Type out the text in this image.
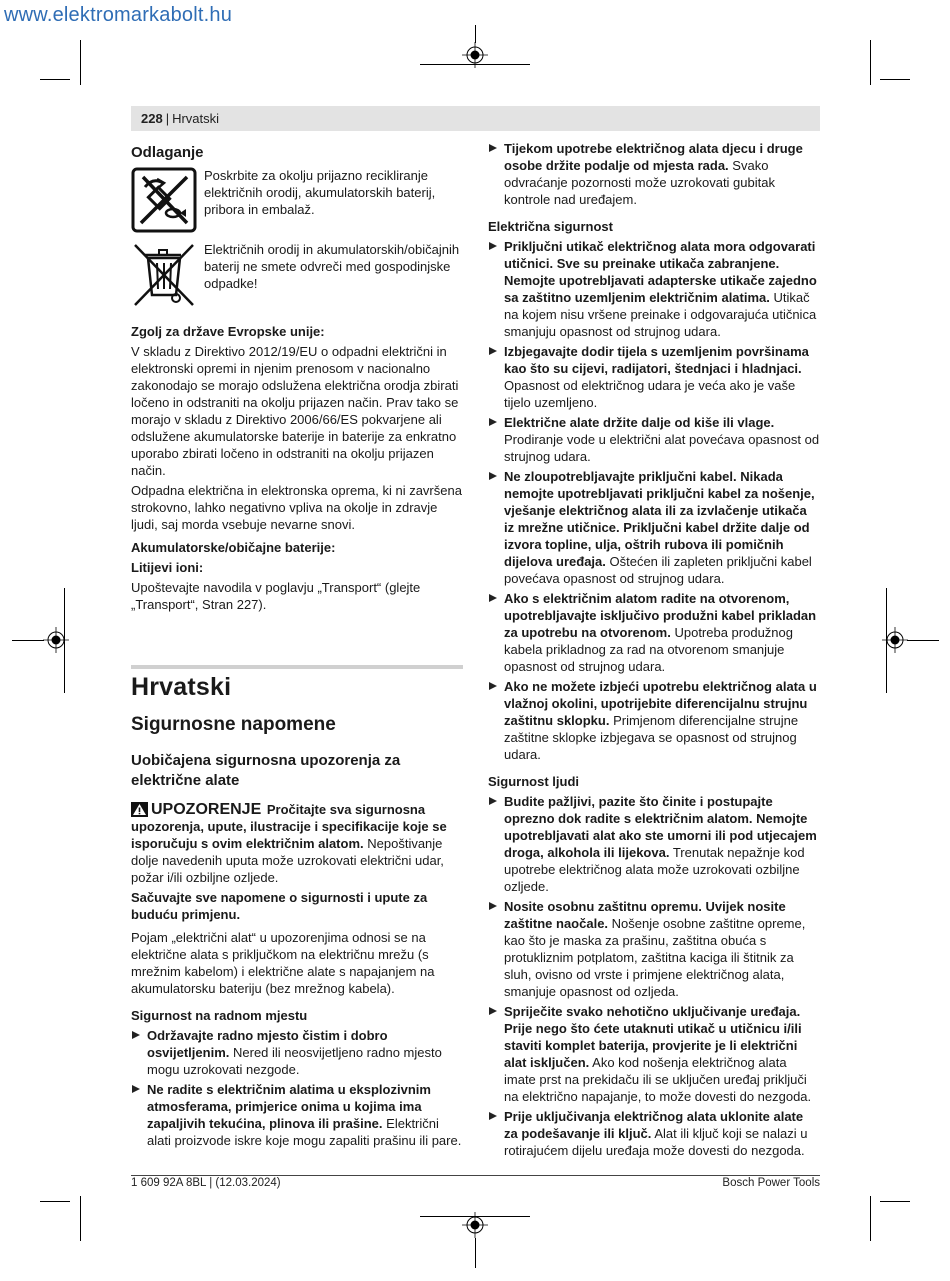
www.elektromarkabolt.hu
228 | Hrvatski
Odlaganje
Poskrbite za okolju prijazno recikliranje električnih orodij, akumulatorskih baterij, pribora in embalaž.
Električnih orodij in akumulatorskih/običajnih baterij ne smete odvreči med gospodinjske odpadke!
Zgolj za države Evropske unije:

V skladu z Direktivo 2012/19/EU o odpadni električni in elektronski opremi in njenim prenosom v nacionalno zakonodajo se morajo odslužena električna orodja zbirati ločeno in odstraniti na okolju prijazen način. Prav tako se morajo v skladu z Direktivo 2006/66/ES pokvarjene ali odslužene akumulatorske baterije in baterije za enkratno uporabo zbirati ločeno in odstraniti na okolju prijazen način.

Odpadna električna in elektronska oprema, ki ni završena strokovno, lahko negativno vpliva na okolje in zdravje ljudi, saj morda vsebuje nevarne snovi.

Akumulatorske/običajne baterije:
Litijevi ioni:

Upoštevajte navodila v poglavju „Transport“ (glejte „Transport“, Stran 227).

Hrvatski
Sigurnosne napomene
Uobičajena sigurnosna upozorenja za električne alate

UPOZORENJE Pročitajte sva sigurnosna upozorenja, upute, ilustracije i specifikacije koje se isporučuju s ovim električnim alatom. Nepoštivanje dolje navedenih uputa može uzrokovati električni udar, požar i/ili ozbiljne ozljede.

Sačuvajte sve napomene o sigurnosti i upute za buduću primjenu.

Pojam „električni alat“ u upozorenjima odnosi se na električne alata s priključkom na električnu mrežu (s mrežnim kabelom) i električne alate s napajanjem na akumulatorsku bateriju (bez mrežnog kabela).

Sigurnost na radnom mjestu
Održavajte radno mjesto čistim i dobro osvijetljenim. Nered ili neosvijetljeno radno mjesto mogu uzrokovati nezgode.
Ne radite s električnim alatima u eksplozivnim atmosferama, primjerice onima u kojima ima zapaljivih tekućina, plinova ili prašine. Električni alati proizvode iskre koje mogu zapaliti prašinu ili pare.
Tijekom upotrebe električnog alata djecu i druge osobe držite podalje od mjesta rada. Svako odvraćanje pozornosti može uzrokovati gubitak kontrole nad uređajem.
Električna sigurnost
Priključni utikač električnog alata mora odgovarati utičnici. Sve su preinake utikača zabranjene. Nemojte upotrebljavati adapterske utikače zajedno sa zaštitno uzemljenim električnim alatima. Utikač na kojem nisu vršene preinake i odgovarajuća utičnica smanjuju opasnost od strujnog udara.
Izbjegavajte dodir tijela s uzemljenim površinama kao što su cijevi, radijatori, štednjaci i hladnjaci. Opasnost od električnog udara je veća ako je vaše tijelo uzemljeno.
Električne alate držite dalje od kiše ili vlage. Prodiranje vode u električni alat povećava opasnost od strujnog udara.
Ne zloupotrebljavajte priključni kabel. Nikada nemojte upotrebljavati priključni kabel za nošenje, vješanje električnog alata ili za izvlačenje utikača iz mrežne utičnice. Priključni kabel držite dalje od izvora topline, ulja, oštrih rubova ili pomičnih dijelova uređaja. Oštećen ili zapleten priključni kabel povećava opasnost od strujnog udara.
Ako s električnim alatom radite na otvorenom, upotrebljavajte isključivo produžni kabel prikladan za upotrebu na otvorenom. Upotreba produžnog kabela prikladnog za rad na otvorenom smanjuje opasnost od strujnog udara.
Ako ne možete izbjeći upotrebu električnog alata u vlažnoj okolini, upotrijebite diferencijalnu strujnu zaštitnu sklopku. Primjenom diferencijalne strujne zaštitne sklopke izbjegava se opasnost od strujnog udara.
Sigurnost ljudi
Budite pažljivi, pazite što činite i postupajte oprezno dok radite s električnim alatom. Nemojte upotrebljavati alat ako ste umorni ili pod utjecajem droga, alkohola ili lijekova. Trenutak nepažnje kod upotrebe električnog alata može uzrokovati ozbiljne ozljede.
Nosite osobnu zaštitnu opremu. Uvijek nosite zaštitne naočale. Nošenje osobne zaštitne opreme, kao što je maska za prašinu, zaštitna obuća s protukliznim potplatom, zaštitna kaciga ili štitnik za sluh, ovisno od vrste i primjene električnog alata, smanjuje opasnost od ozljeda.
Spriječite svako nehotično uključivanje uređaja. Prije nego što ćete utaknuti utikač u utičnicu i/ili staviti komplet baterija, provjerite je li električni alat isključen. Ako kod nošenja električnog alata imate prst na prekidaču ili se uključen uređaj priključi na električno napajanje, to može dovesti do nezgoda.
Prije uključivanja električnog alata uklonite alate za podešavanje ili ključ. Alat ili ključ koji se nalazi u rotirajućem dijelu uređaja može dovesti do nezgoda.
1 609 92A 8BL | (12.03.2024)	Bosch Power Tools
